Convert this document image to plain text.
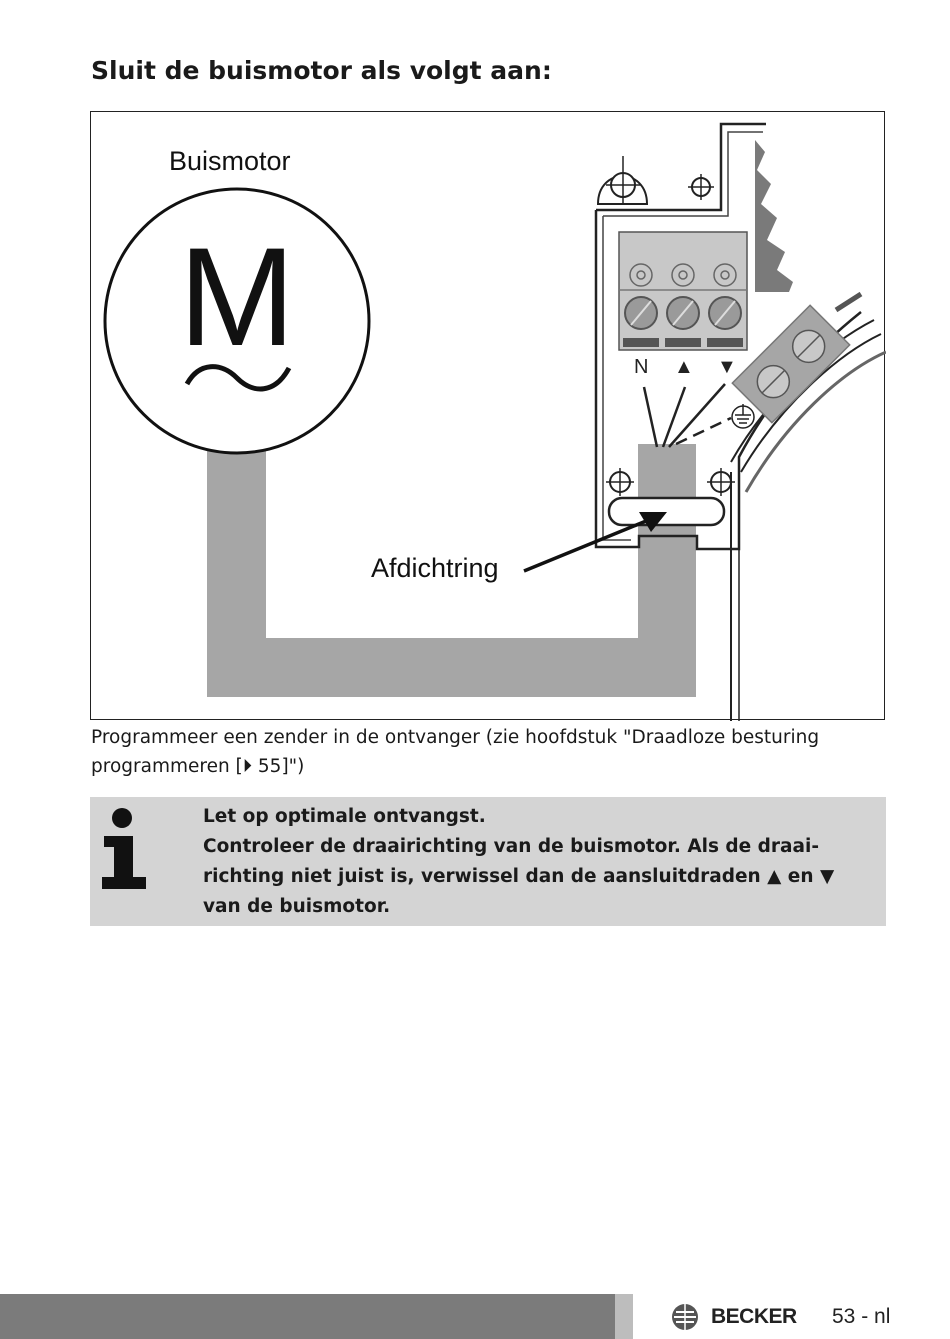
Sluit de buismotor als volgt aan:
Buismotor
M
Afdichtring
N ▲ ▼

Programmeer een zender in de ontvanger (zie hoofdstuk "Draadloze besturing programmeren [⏵ 55]")

Let op optimale ontvangst.

Controleer de draairichting van de buismotor. Als de draai-richting niet juist is, verwissel dan de aansluitdraden ▲ en ▼ van de buismotor.

BECKER 53 - nl
